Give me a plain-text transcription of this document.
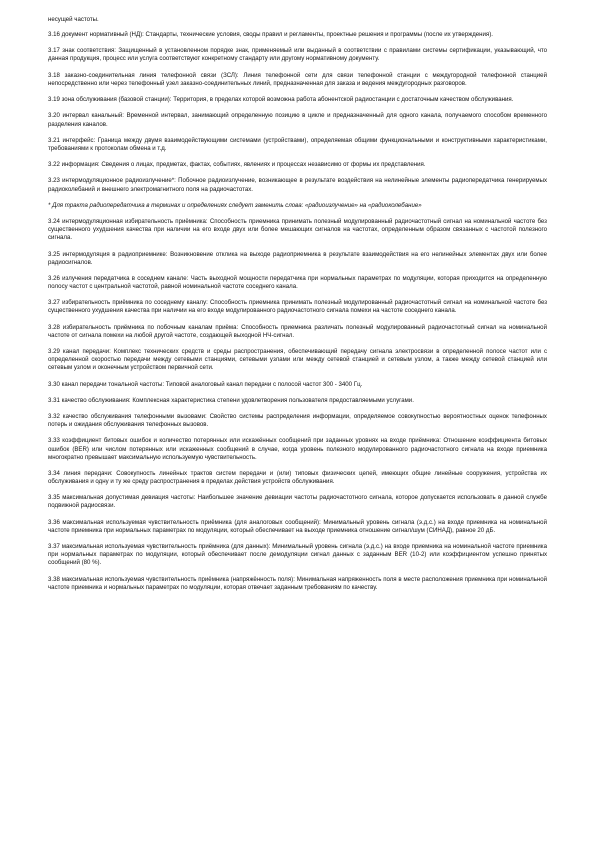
несущей частоты.

3.16 документ нормативный (НД): Стандарты, технические условия, своды правил и регламенты, проектные решения и программы (после их утверждения).

3.17 знак соответствия: Защищенный в установленном порядке знак, применяемый или выданный в соответствии с правилами системы сертификации, указывающий, что данная продукция, процесс или услуга соответствуют конкретному стандарту или другому нормативному документу.

3.18 заказно-соединительная линия телефонной связи (ЗСЛ): Линия телефонной сети для связи телефонной станции с междугородной телефонной станцией непосредственно или через телефонный узел заказно-соединительных линий, предназначенная для заказа и ведения междугородных разговоров.

3.19 зона обслуживания (базовой станции): Территория, в пределах которой возможна работа абонентской радиостанции с достаточным качеством обслуживания.

3.20 интервал канальный: Временной интервал, занимающий определенную позицию в цикле и предназначенный для одного канала, получаемого способом временного разделения каналов.

3.21 интерфейс: Граница между двумя взаимодействующими системами (устройствами), определяемая общими функциональными и конструктивными характеристиками, требованиями к протоколам обмена и т.д.

3.22 информация: Сведения о лицах, предметах, фактах, событиях, явлениях и процессах независимо от формы их представления.

3.23 интермодуляционное радиоизлучение*: Побочное радиоизлучение, возникающее в результате воздействия на нелинейные элементы радиопередатчика генерируемых радиоколебаний и внешнего электромагнитного поля на радиочастотах.

* Для тракта радиопередатчика в терминах и определениях следует заменить слова: «радиоизлучение» на «радиоколебание»

3.24 интермодуляционная избирательность приёмника: Способность приемника принимать полезный модулированный радиочастотный сигнал на номинальной частоте без существенного ухудшения качества при наличии на его входе двух или более мешающих сигналов на частотах, определенным образом связанных с частотой полезного сигнала.

3.25 интермодуляция в радиоприемнике: Возникновение отклика на выходе радиоприемника в результате взаимодействия на его нелинейных элементах двух или более радиосигналов.

3.26 излучения передатчика в соседнем канале: Часть выходной мощности передатчика при нормальных параметрах по модуляции, которая приходится на определенную полосу частот с центральной частотой, равной номинальной частоте соседнего канала.

3.27 избирательность приёмника по соседнему каналу: Способность приемника принимать полезный модулированный радиочастотный сигнал на номинальной частоте без существенного ухудшения качества при наличии на его входе модулированного радиочастотного сигнала помехи на частоте соседнего канала.

3.28 избирательность приёмника по побочным каналам приёма: Способность приемника различать полезный модулированный радиочастотный сигнал на номинальной частоте от сигнала помехи на любой другой частоте, создающей выходной НЧ-сигнал.

3.29 канал передачи: Комплекс технических средств и среды распространения, обеспечивающий передачу сигнала электросвязи в определенной полосе частот или с определенной скоростью передачи между сетевыми станциями, сетевыми узлами или между сетевой станцией и сетевым узлом, а также между сетевой станцией или сетевым узлом и оконечным устройством первичной сети.

3.30 канал передачи тональной частоты: Типовой аналоговый канал передачи с полосой частот 300 - 3400 Гц.

3.31 качество обслуживания: Комплексная характеристика степени удовлетворения пользователя предоставляемыми услугами.

3.32 качество обслуживания телефонными вызовами: Свойство системы распределения информации, определяемое совокупностью вероятностных оценок телефонных потерь и ожидания обслуживания телефонных вызовов.

3.33 коэффициент битовых ошибок и количество потерянных или искажённых сообщений при заданных уровнях на входе приёмника: Отношение коэффициента битовых ошибок (BER) или числом потерянных или искаженных сообщений в случае, когда уровень полезного модулированного радиочастотного сигнала на входе приемника многократно превышает максимальную используемую чувствительность.

3.34 линия передачи: Совокупность линейных трактов систем передачи и (или) типовых физических цепей, имеющих общие линейные сооружения, устройства их обслуживания и одну и ту же среду распространения в пределах действия устройств обслуживания.

3.35 максимальная допустимая девиация частоты: Наибольшее значение девиации частоты радиочастотного сигнала, которое допускается использовать в данной службе подвижной радиосвязи.

3.36 максимальная используемая чувствительность приёмника (для аналоговых сообщений): Минимальный уровень сигнала (э.д.с.) на входе приемника на номинальной частоте приемника при нормальных параметрах по модуляции, который обеспечивает на выходе приемника отношение сигнал/шум (СИНАД), равное 20 дБ.

3.37 максимальная используемая чувствительность приёмника (для данных): Минимальный уровень сигнала (э.д.с.) на входе приемника на номинальной частоте приемника при нормальных параметрах по модуляции, который обеспечивает после демодуляции сигнал данных с заданным BER (10-2) или коэффициентом успешно принятых сообщений (80 %).

3.38 максимальная используемая чувствительность приёмника (напряжённость поля): Минимальная напряженность поля в месте расположения приемника при номинальной частоте приемника и нормальных параметрах по модуляции, которая отвечает заданным требованиям по качеству.
